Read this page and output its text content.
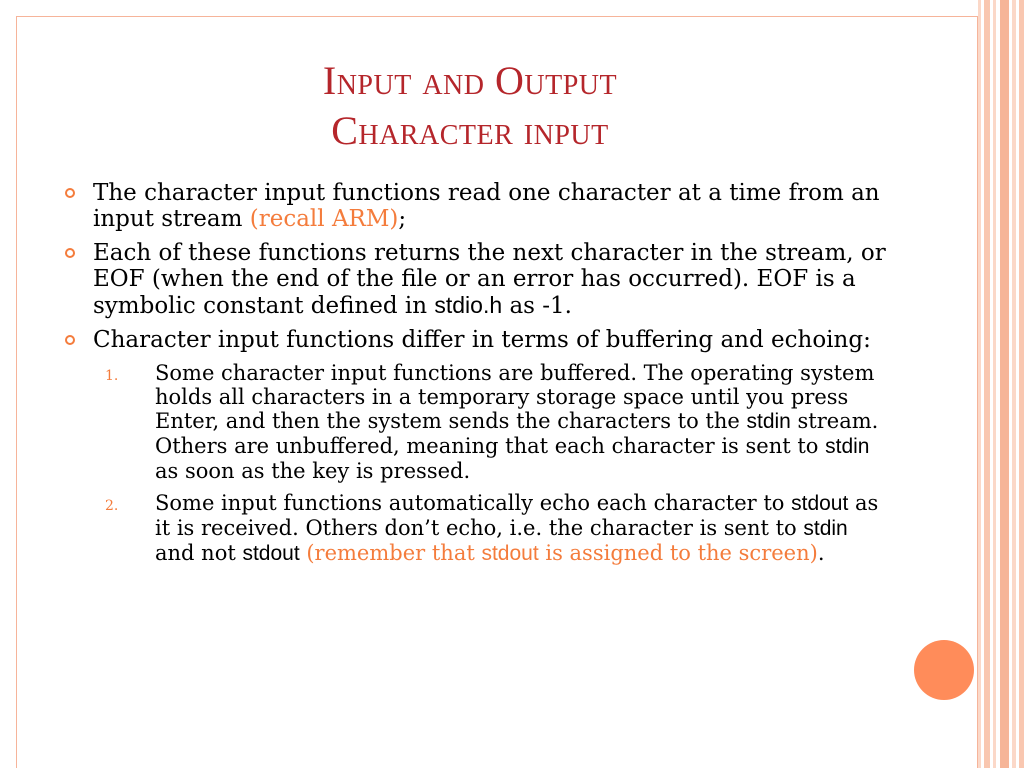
Input and Output
Character input
The character input functions read one character at a time from an input stream (recall ARM);
Each of these functions returns the next character in the stream, or EOF (when the end of the file or an error has occurred). EOF is a symbolic constant defined in stdio.h as -1.
Character input functions differ in terms of buffering and echoing:
1. Some character input functions are buffered. The operating system holds all characters in a temporary storage space until you press Enter, and then the system sends the characters to the stdin stream. Others are unbuffered, meaning that each character is sent to stdin as soon as the key is pressed.
2. Some input functions automatically echo each character to stdout as it is received. Others don’t echo, i.e. the character is sent to stdin and not stdout (remember that stdout is assigned to the screen).
